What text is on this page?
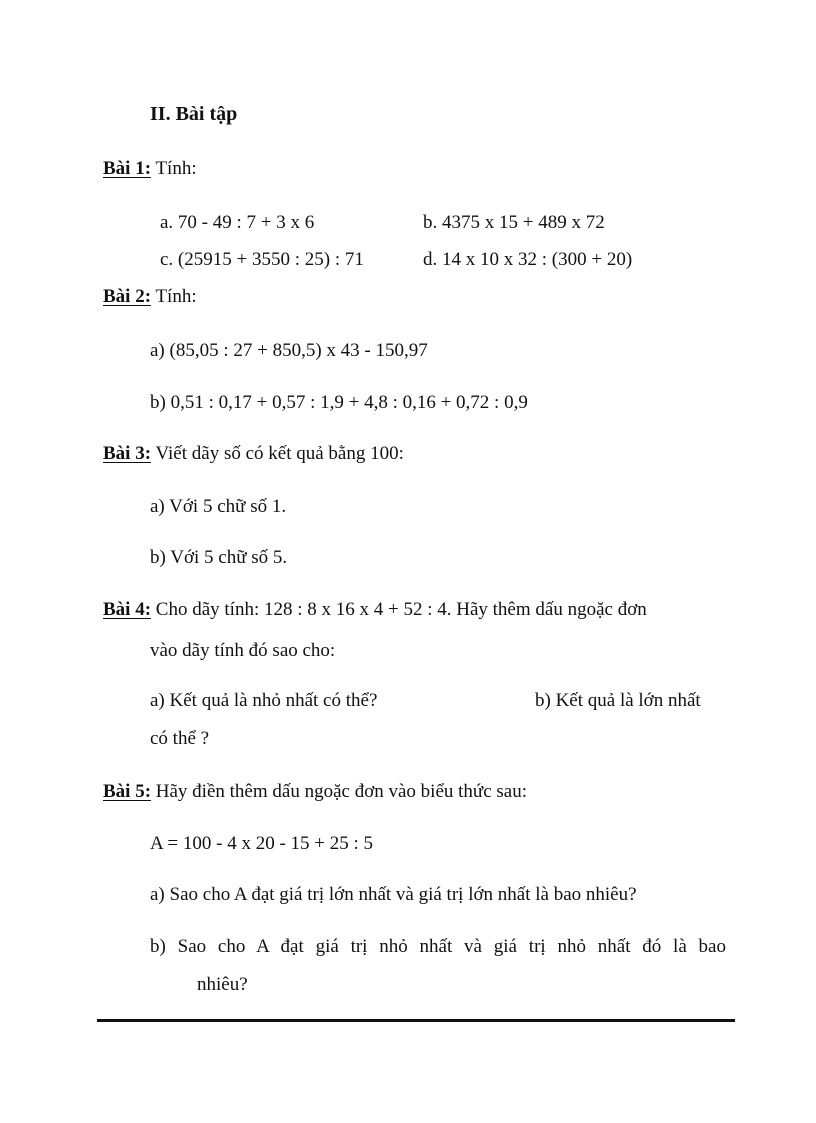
II. Bài tập
Bài 1: Tính:
a. 70 - 49 : 7 + 3 x 6	b. 4375 x 15 + 489 x 72
c. (25915 + 3550 : 25) : 71	d. 14 x 10 x 32 : (300 + 20)
Bài 2: Tính:
a) (85,05 : 27 + 850,5) x 43 - 150,97
b) 0,51 : 0,17 + 0,57 : 1,9 + 4,8 : 0,16 + 0,72 : 0,9
Bài 3: Viết dãy số có kết quả bằng 100:
a) Với 5 chữ số 1.
b) Với 5 chữ số 5.
Bài 4: Cho dãy tính: 128 : 8 x 16 x 4 + 52 : 4. Hãy thêm dấu ngoặc đơn
vào dãy tính đó sao cho:
a) Kết quả là nhỏ nhất có thể?	b) Kết quả là lớn nhất
có thể ?
Bài 5: Hãy điền thêm dấu ngoặc đơn vào biểu thức sau:
A = 100 - 4 x 20 - 15 + 25 : 5
a) Sao cho A đạt giá trị lớn nhất và giá trị lớn nhất là bao nhiêu?
b) Sao cho A đạt giá trị nhỏ nhất và giá trị nhỏ nhất đó là bao
nhiêu?
